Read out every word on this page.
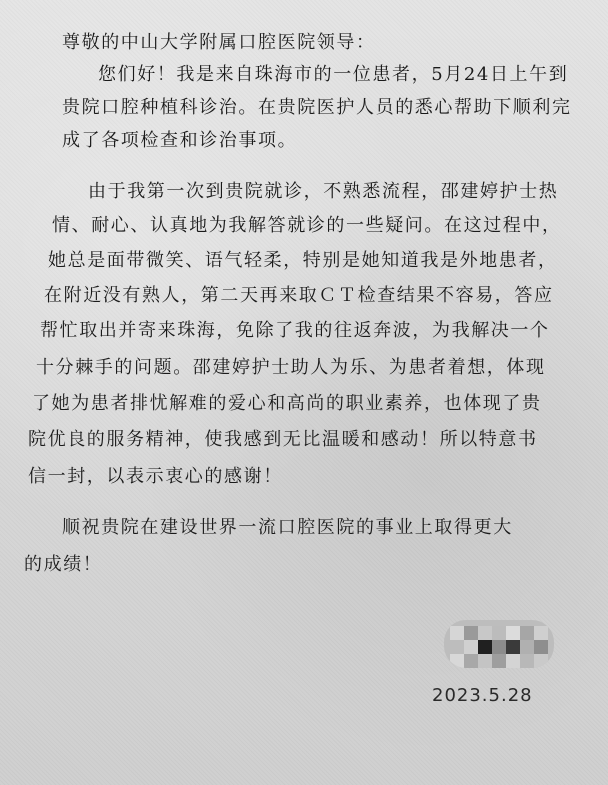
尊敬的中山大学附属口腔医院领导：
您们好！我是来自珠海市的一位患者，5月24日上午到
贵院口腔种植科诊治。在贵院医护人员的悉心帮助下顺利完
成了各项检查和诊治事项。
由于我第一次到贵院就诊，不熟悉流程，邵建婷护士热
情、耐心、认真地为我解答就诊的一些疑问。在这过程中，
她总是面带微笑、语气轻柔，特别是她知道我是外地患者，
在附近没有熟人，第二天再来取ＣＴ检查结果不容易，答应
帮忙取出并寄来珠海，免除了我的往返奔波，为我解决一个
十分棘手的问题。邵建婷护士助人为乐、为患者着想，体现
了她为患者排忧解难的爱心和高尚的职业素养，也体现了贵
院优良的服务精神，使我感到无比温暖和感动！所以特意书
信一封，以表示衷心的感谢！
顺祝贵院在建设世界一流口腔医院的事业上取得更大
的成绩！
2023.5.28
